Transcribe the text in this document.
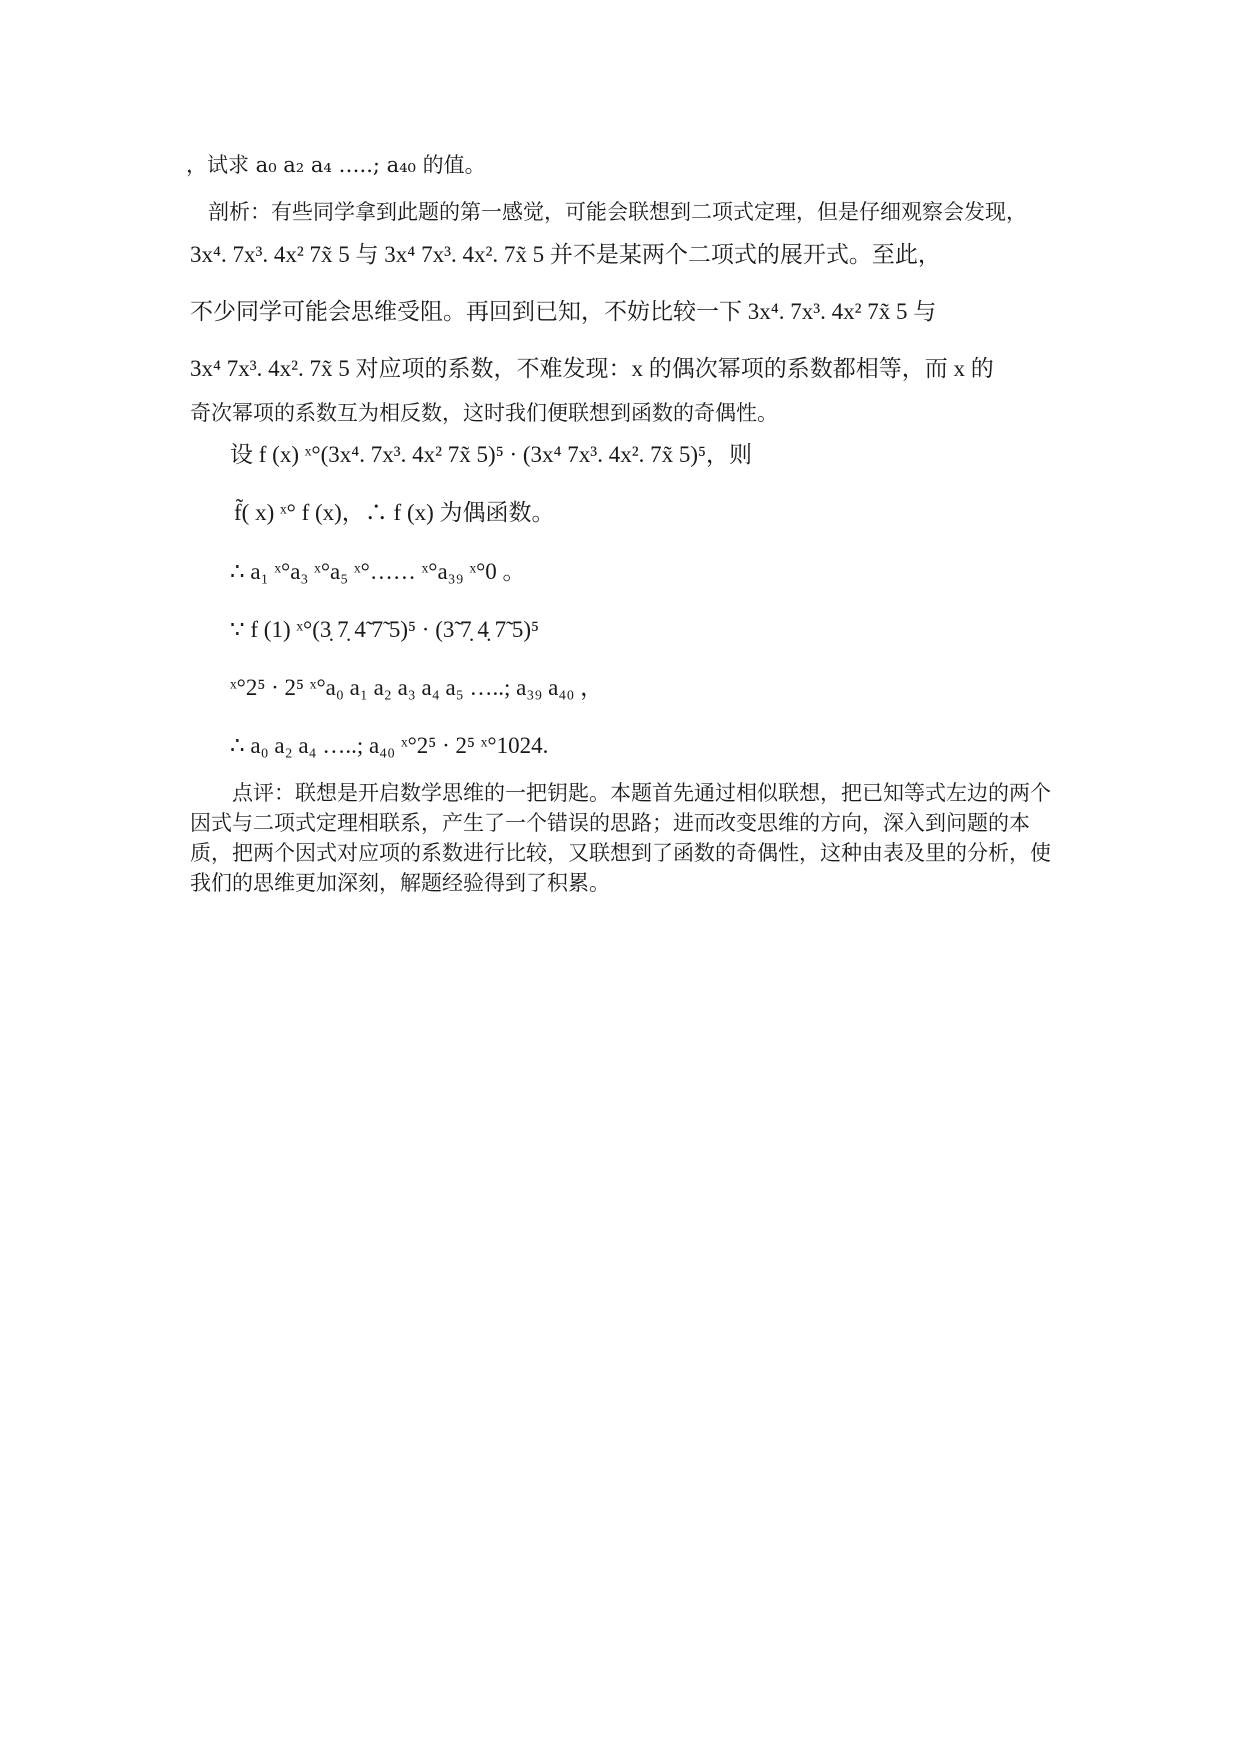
，试求 a₀ a₂ a₄ …..; a₄₀ 的值。
剖析：有些同学拿到此题的第一感觉，可能会联想到二项式定理，但是仔细观察会发现，
3x⁴. 7x³. 4x² 7x̃ 5 与 3x⁴ 7x³. 4x². 7x̃ 5 并不是某两个二项式的展开式。至此，
不少同学可能会思维受阻。再回到已知，不妨比较一下 3x⁴. 7x³. 4x² 7x̃ 5 与
3x⁴ 7x³. 4x². 7x̃ 5 对应项的系数，不难发现：x 的偶次幂项的系数都相等，而 x 的
奇次幂项的系数互为相反数，这时我们便联想到函数的奇偶性。
设 f (x) ˣ°(3x⁴. 7x³. 4x² 7x̃ 5)⁵ · (3x⁴ 7x³. 4x². 7x̃ 5)⁵，则
f̃( x) ˣ° f (x)，∴ f (x) 为偶函数。
∴ a₁ ˣ°a₃ ˣ°a₅ ˣ°…… ˣ°a₃₉ ˣ°0 。
∵ f (1) ˣ°(3̣ 7̣ 4̃ 7̃ 5)⁵ · (3̃ 7̣ 4̣ 7̃ 5)⁵
ˣ°2⁵ · 2⁵ ˣ°a₀ a₁ a₂ a₃ a₄ a₅ …..; a₃₉ a₄₀ ，
∴ a₀ a₂ a₄ …..; a₄₀ ˣ°2⁵ · 2⁵ ˣ°1024.
点评：联想是开启数学思维的一把钥匙。本题首先通过相似联想，把已知等式左边的两个因式与二项式定理相联系，产生了一个错误的思路；进而改变思维的方向，深入到问题的本质，把两个因式对应项的系数进行比较，又联想到了函数的奇偶性，这种由表及里的分析，使我们的思维更加深刻，解题经验得到了积累。
